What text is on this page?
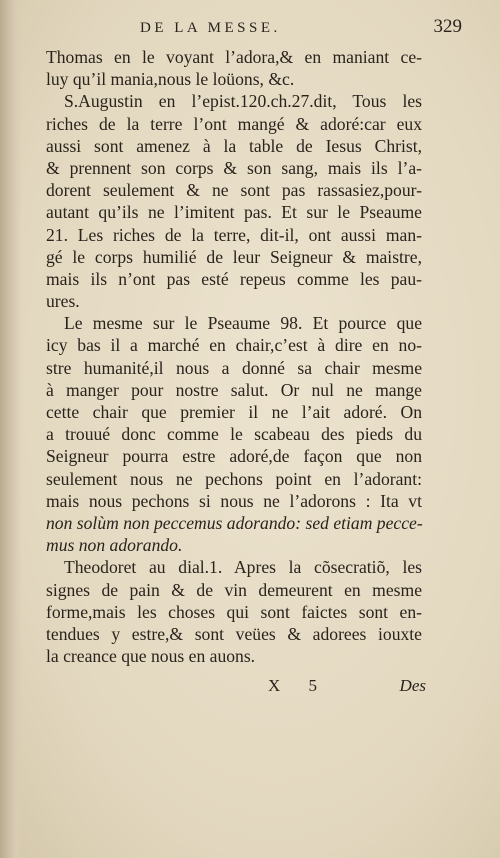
DE LA MESSE.	329
Thomas en le voyant l’adora,& en maniant ce-
luy qu’il mania,nous le loüons, &c.
S.Augustin en l’epist.120.ch.27.dit, Tous les
riches de la terre l’ont mangé & adoré:car eux
aussi sont amenez à la table de Iesus Christ,
& prennent son corps & son sang, mais ils l’a-
dorent seulement & ne sont pas rassasiez,pour-
autant qu’ils ne l’imitent pas. Et sur le Pseaume
21. Les riches de la terre, dit-il, ont aussi man-
gé le corps humilié de leur Seigneur & maistre,
mais ils n’ont pas esté repeus comme les pau-
ures.
Le mesme sur le Pseaume 98. Et pource que
icy bas il a marché en chair,c’est à dire en no-
stre humanité,il nous a donné sa chair mesme
à manger pour nostre salut. Or nul ne mange
cette chair que premier il ne l’ait adoré. On
a trouué donc comme le scabeau des pieds du
Seigneur pourra estre adoré,de façon que non
seulement nous ne pechons point en l’adorant:
mais nous pechons si nous ne l’adorons : Ita vt
non solùm non peccemus adorando: sed etiam pecce-
mus non adorando.
Theodoret au dial.1. Apres la cõsecratiõ, les
signes de pain & de vin demeurent en mesme
forme,mais les choses qui sont faictes sont en-
tendues y estre,& sont veües & adorees iouxte
la creance que nous en auons.
X 5	Des
